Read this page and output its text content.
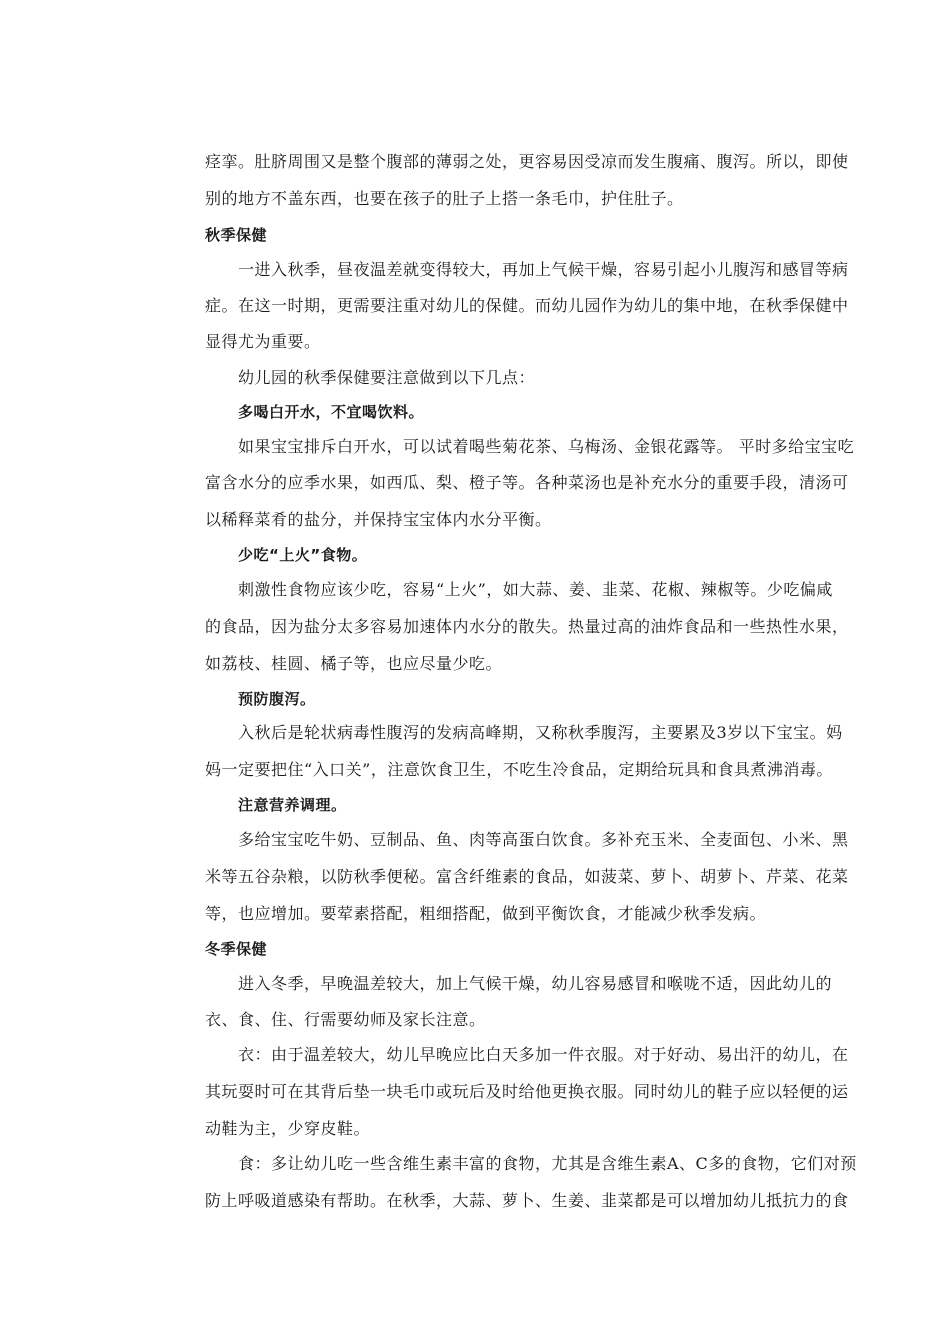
痉挛。肚脐周围又是整个腹部的薄弱之处，更容易因受凉而发生腹痛、腹泻。所以，即使
别的地方不盖东西，也要在孩子的肚子上搭一条毛巾，护住肚子。
秋季保健
一进入秋季，昼夜温差就变得较大，再加上气候干燥，容易引起小儿腹泻和感冒等病
症。在这一时期，更需要注重对幼儿的保健。而幼儿园作为幼儿的集中地，在秋季保健中
显得尤为重要。
幼儿园的秋季保健要注意做到以下几点：
多喝白开水，不宜喝饮料。
如果宝宝排斥白开水，可以试着喝些菊花茶、乌梅汤、金银花露等。 平时多给宝宝吃
富含水分的应季水果，如西瓜、梨、橙子等。各种菜汤也是补充水分的重要手段，清汤可
以稀释菜肴的盐分，并保持宝宝体内水分平衡。
少吃“上火”食物。
刺激性食物应该少吃，容易“上火”，如大蒜、姜、韭菜、花椒、辣椒等。少吃偏咸
的食品，因为盐分太多容易加速体内水分的散失。热量过高的油炸食品和一些热性水果，
如荔枝、桂圆、橘子等，也应尽量少吃。
预防腹泻。
入秋后是轮状病毒性腹泻的发病高峰期，又称秋季腹泻，主要累及3岁以下宝宝。妈
妈一定要把住“入口关”，注意饮食卫生，不吃生冷食品，定期给玩具和食具煮沸消毒。
注意营养调理。
多给宝宝吃牛奶、豆制品、鱼、肉等高蛋白饮食。多补充玉米、全麦面包、小米、黑
米等五谷杂粮，以防秋季便秘。富含纤维素的食品，如菠菜、萝卜、胡萝卜、芹菜、花菜
等，也应增加。要荤素搭配，粗细搭配，做到平衡饮食，才能减少秋季发病。
冬季保健
进入冬季，早晚温差较大，加上气候干燥，幼儿容易感冒和喉咙不适，因此幼儿的
衣、食、住、行需要幼师及家长注意。
衣：由于温差较大，幼儿早晚应比白天多加一件衣服。对于好动、易出汗的幼儿，在
其玩耍时可在其背后垫一块毛巾或玩后及时给他更换衣服。同时幼儿的鞋子应以轻便的运
动鞋为主，少穿皮鞋。
食：多让幼儿吃一些含维生素丰富的食物，尤其是含维生素A、C多的食物，它们对预
防上呼吸道感染有帮助。在秋季，大蒜、萝卜、生姜、韭菜都是可以增加幼儿抵抗力的食
